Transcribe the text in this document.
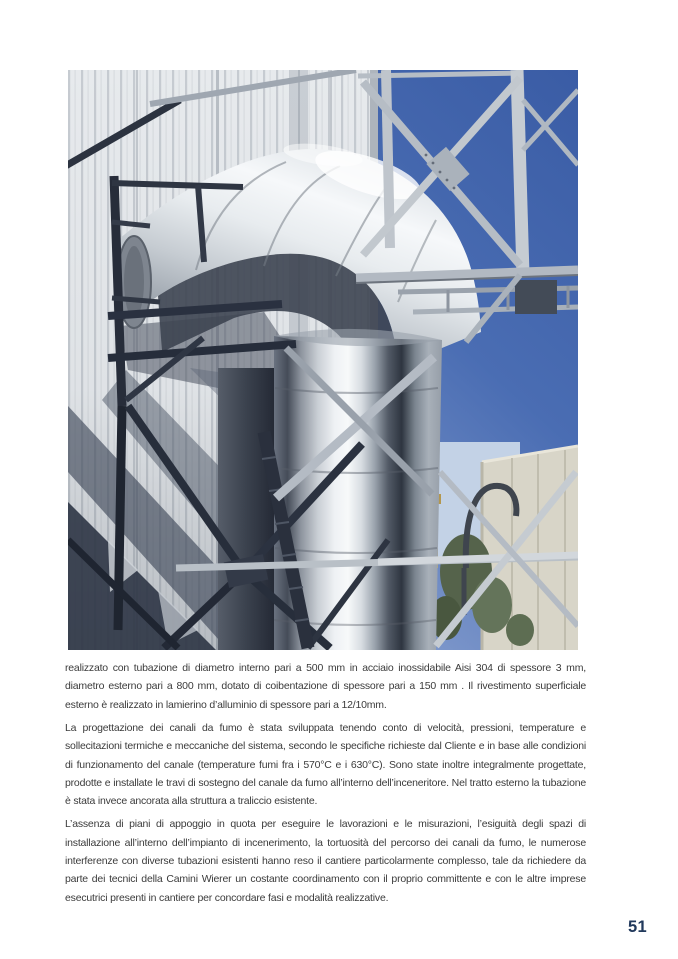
realizzato con tubazione di diametro interno pari a 500 mm in acciaio inossidabile Aisi 304 di spessore 3 mm, diametro esterno pari a 800 mm, dotato di coibentazione di spessore pari a 150 mm . Il rivestimento superficiale esterno è realizzato in lamierino d’alluminio di spessore pari a 12/10mm.

La progettazione dei canali da fumo è stata sviluppata tenendo conto di velocità, pressioni, temperature e sollecitazioni termiche e meccaniche del sistema, secondo le specifiche richieste dal Cliente e in base alle condizioni di funzionamento del canale (temperature fumi fra i 570°C e i 630°C). Sono state inoltre integralmente progettate, prodotte e installate le travi di sostegno del canale da fumo all’interno dell’inceneritore. Nel tratto esterno la tubazione è stata invece ancorata alla struttura a traliccio esistente.

L’assenza di piani di appoggio in quota per eseguire le lavorazioni e le misurazioni, l’esiguità degli spazi di installazione all’interno dell’impianto di incenerimento, la tortuosità del percorso dei canali da fumo, le numerose interferenze con diverse tubazioni esistenti hanno reso il cantiere particolarmente complesso, tale da richiedere da parte dei tecnici della Camini Wierer un costante coordinamento con il proprio committente e con le altre imprese esecutrici presenti in cantiere per concordare fasi e modalità realizzative.

51
